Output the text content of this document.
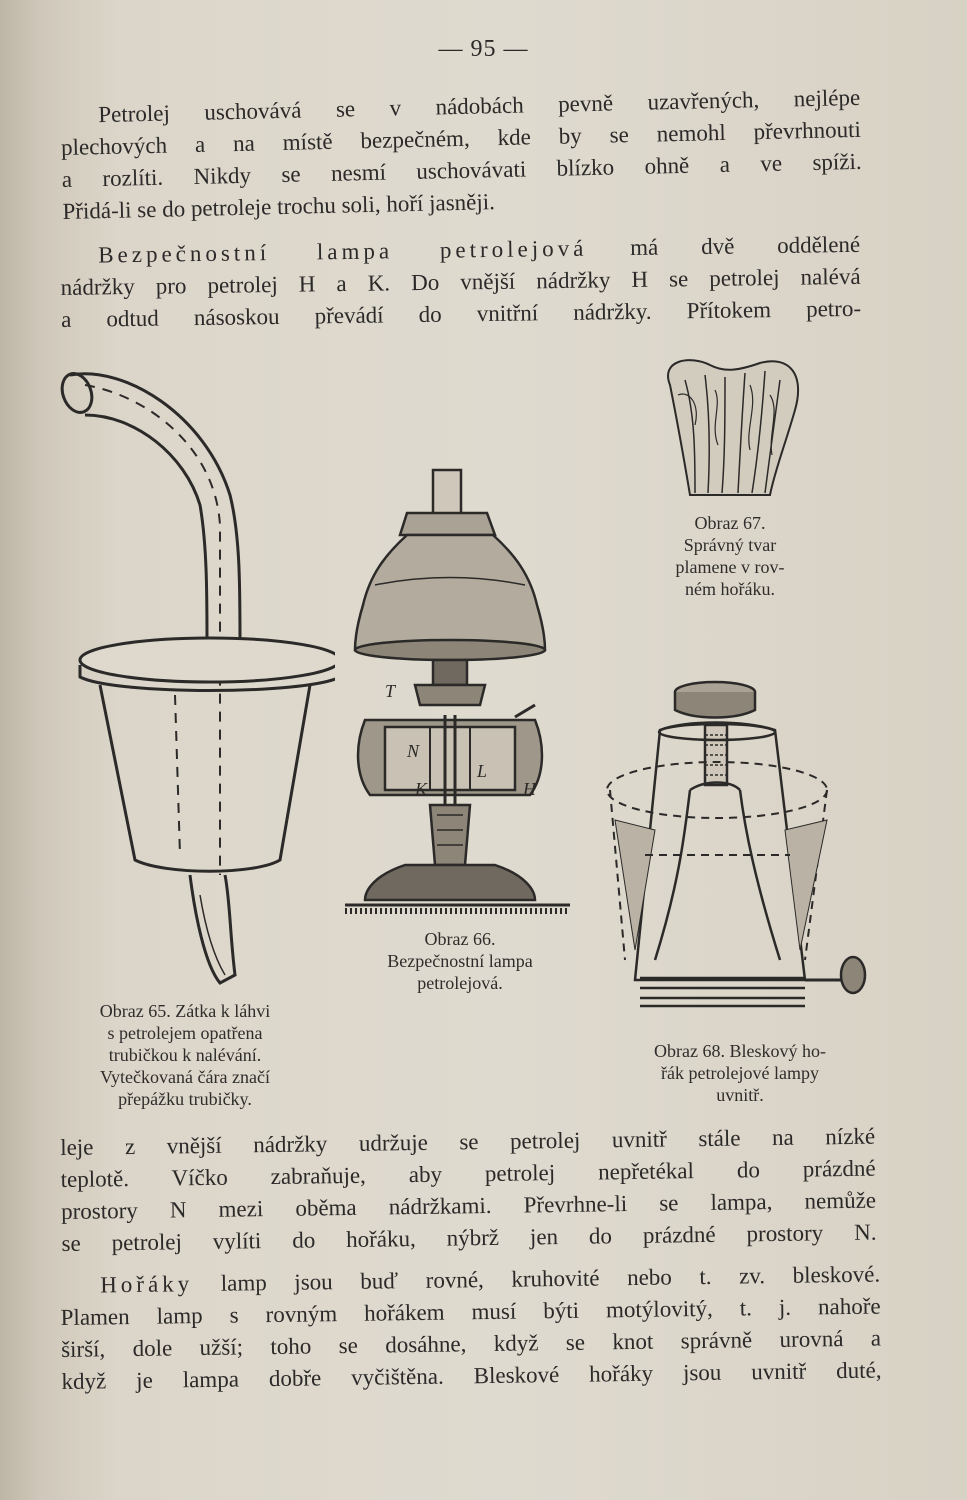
— 95 —
Petrolej uschovává se v nádobách pevně uzavřených, nejlépe
plechových a na místě bezpečném, kde by se nemohl převrhnouti
a rozlíti. Nikdy se nesmí uschovávati blízko ohně a ve spíži.
Přidá-li se do petroleje trochu soli, hoří jasněji.
Bezpečnostní lampa petrolejová má dvě oddělené
nádržky pro petrolej H a K. Do vnější nádržky H se petrolej nalévá
a odtud násoskou převádí do vnitřní nádržky. Přítokem petro-
Obraz 65. Zátka k láhvi
s petrolejem opatřena
trubičkou k nalévání.
Vytečkovaná čára značí
přepážku trubičky.
T
N
L
K	H
Obraz 66.
Bezpečnostní lampa
petrolejová.
Obraz 67.
Správný tvar
plamene v rov-
ném hořáku.
Obraz 68. Bleskový ho-
řák petrolejové lampy
uvnitř.
leje z vnější nádržky udržuje se petrolej uvnitř stále na nízké
teplotě. Víčko zabraňuje, aby petrolej nepřetékal do prázdné
prostory N mezi oběma nádržkami. Převrhne-li se lampa, nemůže
se petrolej vylíti do hořáku, nýbrž jen do prázdné prostory N.
Hořáky lamp jsou buď rovné, kruhovité nebo t. zv. bleskové.
Plamen lamp s rovným hořákem musí býti motýlovitý, t. j. nahoře
širší, dole užší; toho se dosáhne, když se knot správně urovná a
když je lampa dobře vyčištěna. Bleskové hořáky jsou uvnitř duté,
